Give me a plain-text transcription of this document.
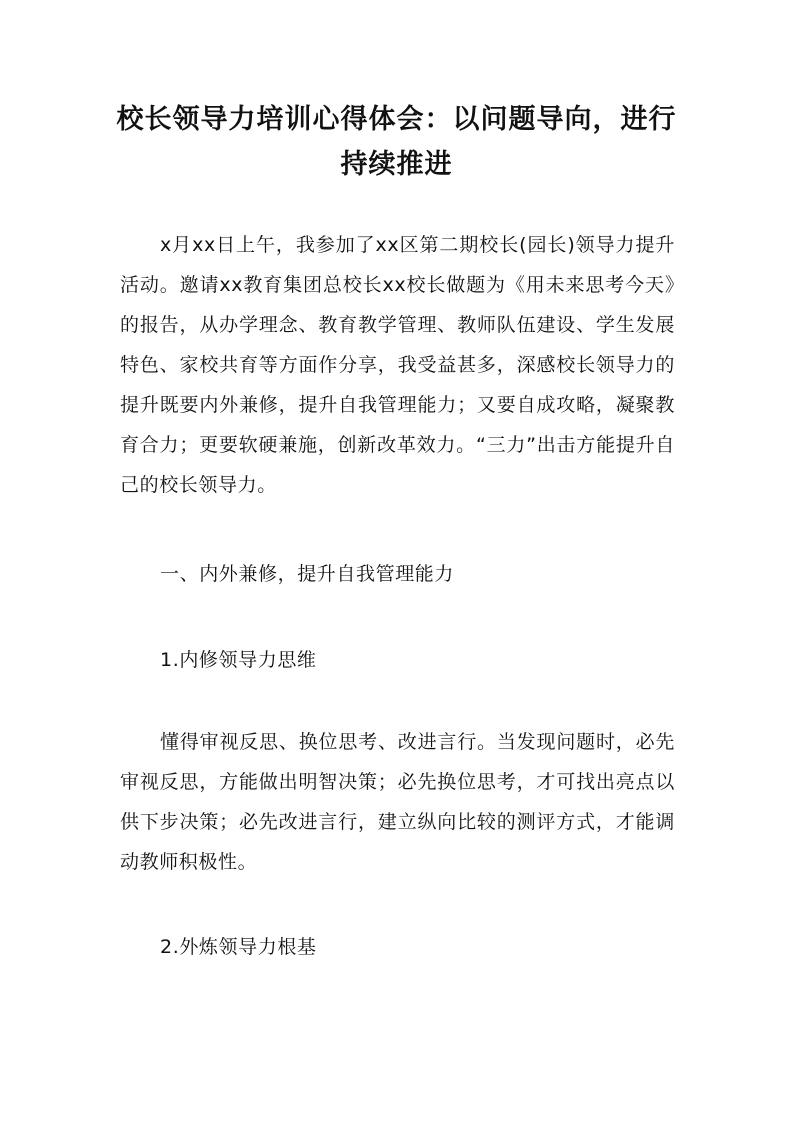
校长领导力培训心得体会：以问题导向，进行持续推进

x月xx日上午，我参加了xx区第二期校长(园长)领导力提升活动。邀请xx教育集团总校长xx校长做题为《用未来思考今天》的报告，从办学理念、教育教学管理、教师队伍建设、学生发展特色、家校共育等方面作分享，我受益甚多，深感校长领导力的提升既要内外兼修，提升自我管理能力；又要自成攻略，凝聚教育合力；更要软硬兼施，创新改革效力。“三力”出击方能提升自己的校长领导力。

一、内外兼修，提升自我管理能力

1.内修领导力思维

懂得审视反思、换位思考、改进言行。当发现问题时，必先审视反思，方能做出明智决策；必先换位思考，才可找出亮点以供下步决策；必先改进言行，建立纵向比较的测评方式，才能调动教师积极性。

2.外炼领导力根基
